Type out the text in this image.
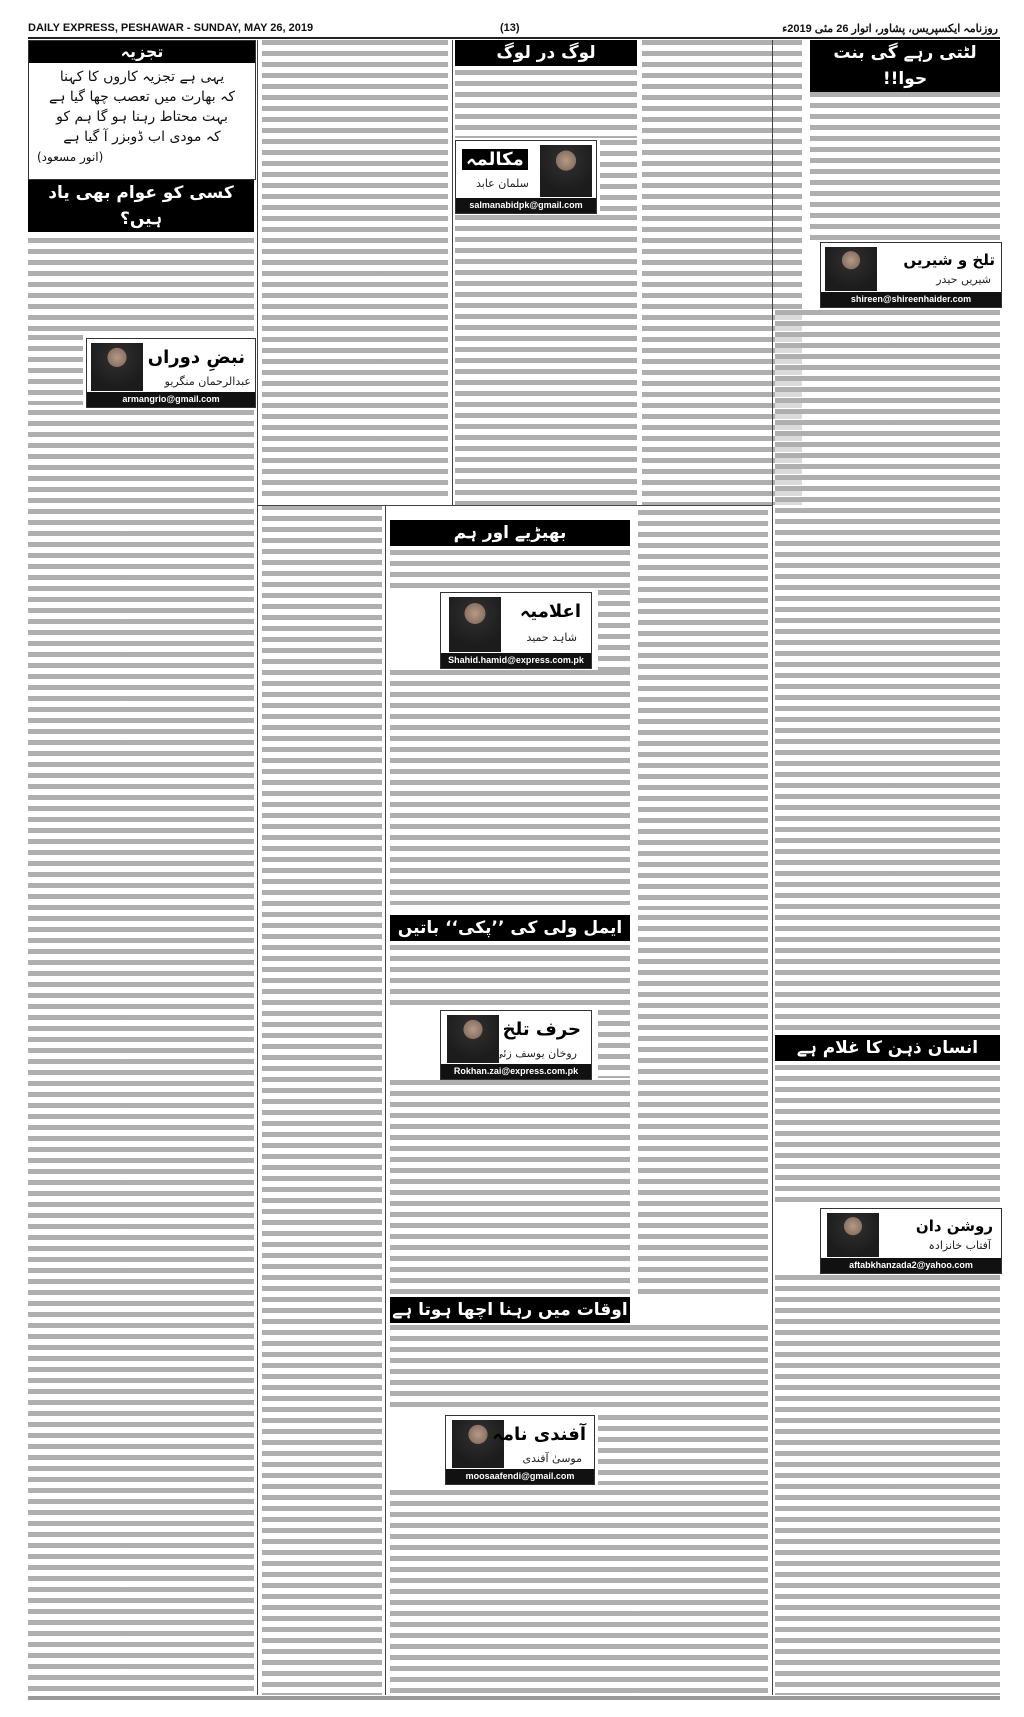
DAILY EXPRESS, PESHAWAR - SUNDAY, MAY 26, 2019	(13)	روزنامہ ایکسپریس، پشاور، اتوار 26 مئی 2019ء
تجزیہ
یہی ہے تجزیہ کاروں کا کہنا
کہ بھارت میں تعصب چھا گیا ہے
بہت محتاط رہنا ہو گا ہم کو
کہ مودی اب ڈوبزر آ گیا ہے
(انور مسعود)
کسی کو عوام بھی یاد ہیں؟
لوگ در لوگ	لٹتی رہے گی بنت حوا!!
بھیڑیے اور ہم
ایمل ولی کی ’’پکی‘‘ باتیں
اوقات میں رہنا اچھا ہوتا ہے
انسان ذہن کا غلام ہے
مکالمہ
سلمان عابد
salmanabidpk@gmail.com
تلخ و شیریں
شیریں حیدر
shireen@shireenhaider.com
نبضِ دوراں
عبدالرحمان منگریو
armangrio@gmail.com
اعلامیہ
شاہد حمید
Shahid.hamid@express.com.pk
حرف تلخ
روخان یوسف زئی
Rokhan.zai@express.com.pk
آفندی نامہ
موسیٰ آفندی
moosaafendi@gmail.com
روشن دان
آفتاب خانزادہ
aftabkhanzada2@yahoo.com
